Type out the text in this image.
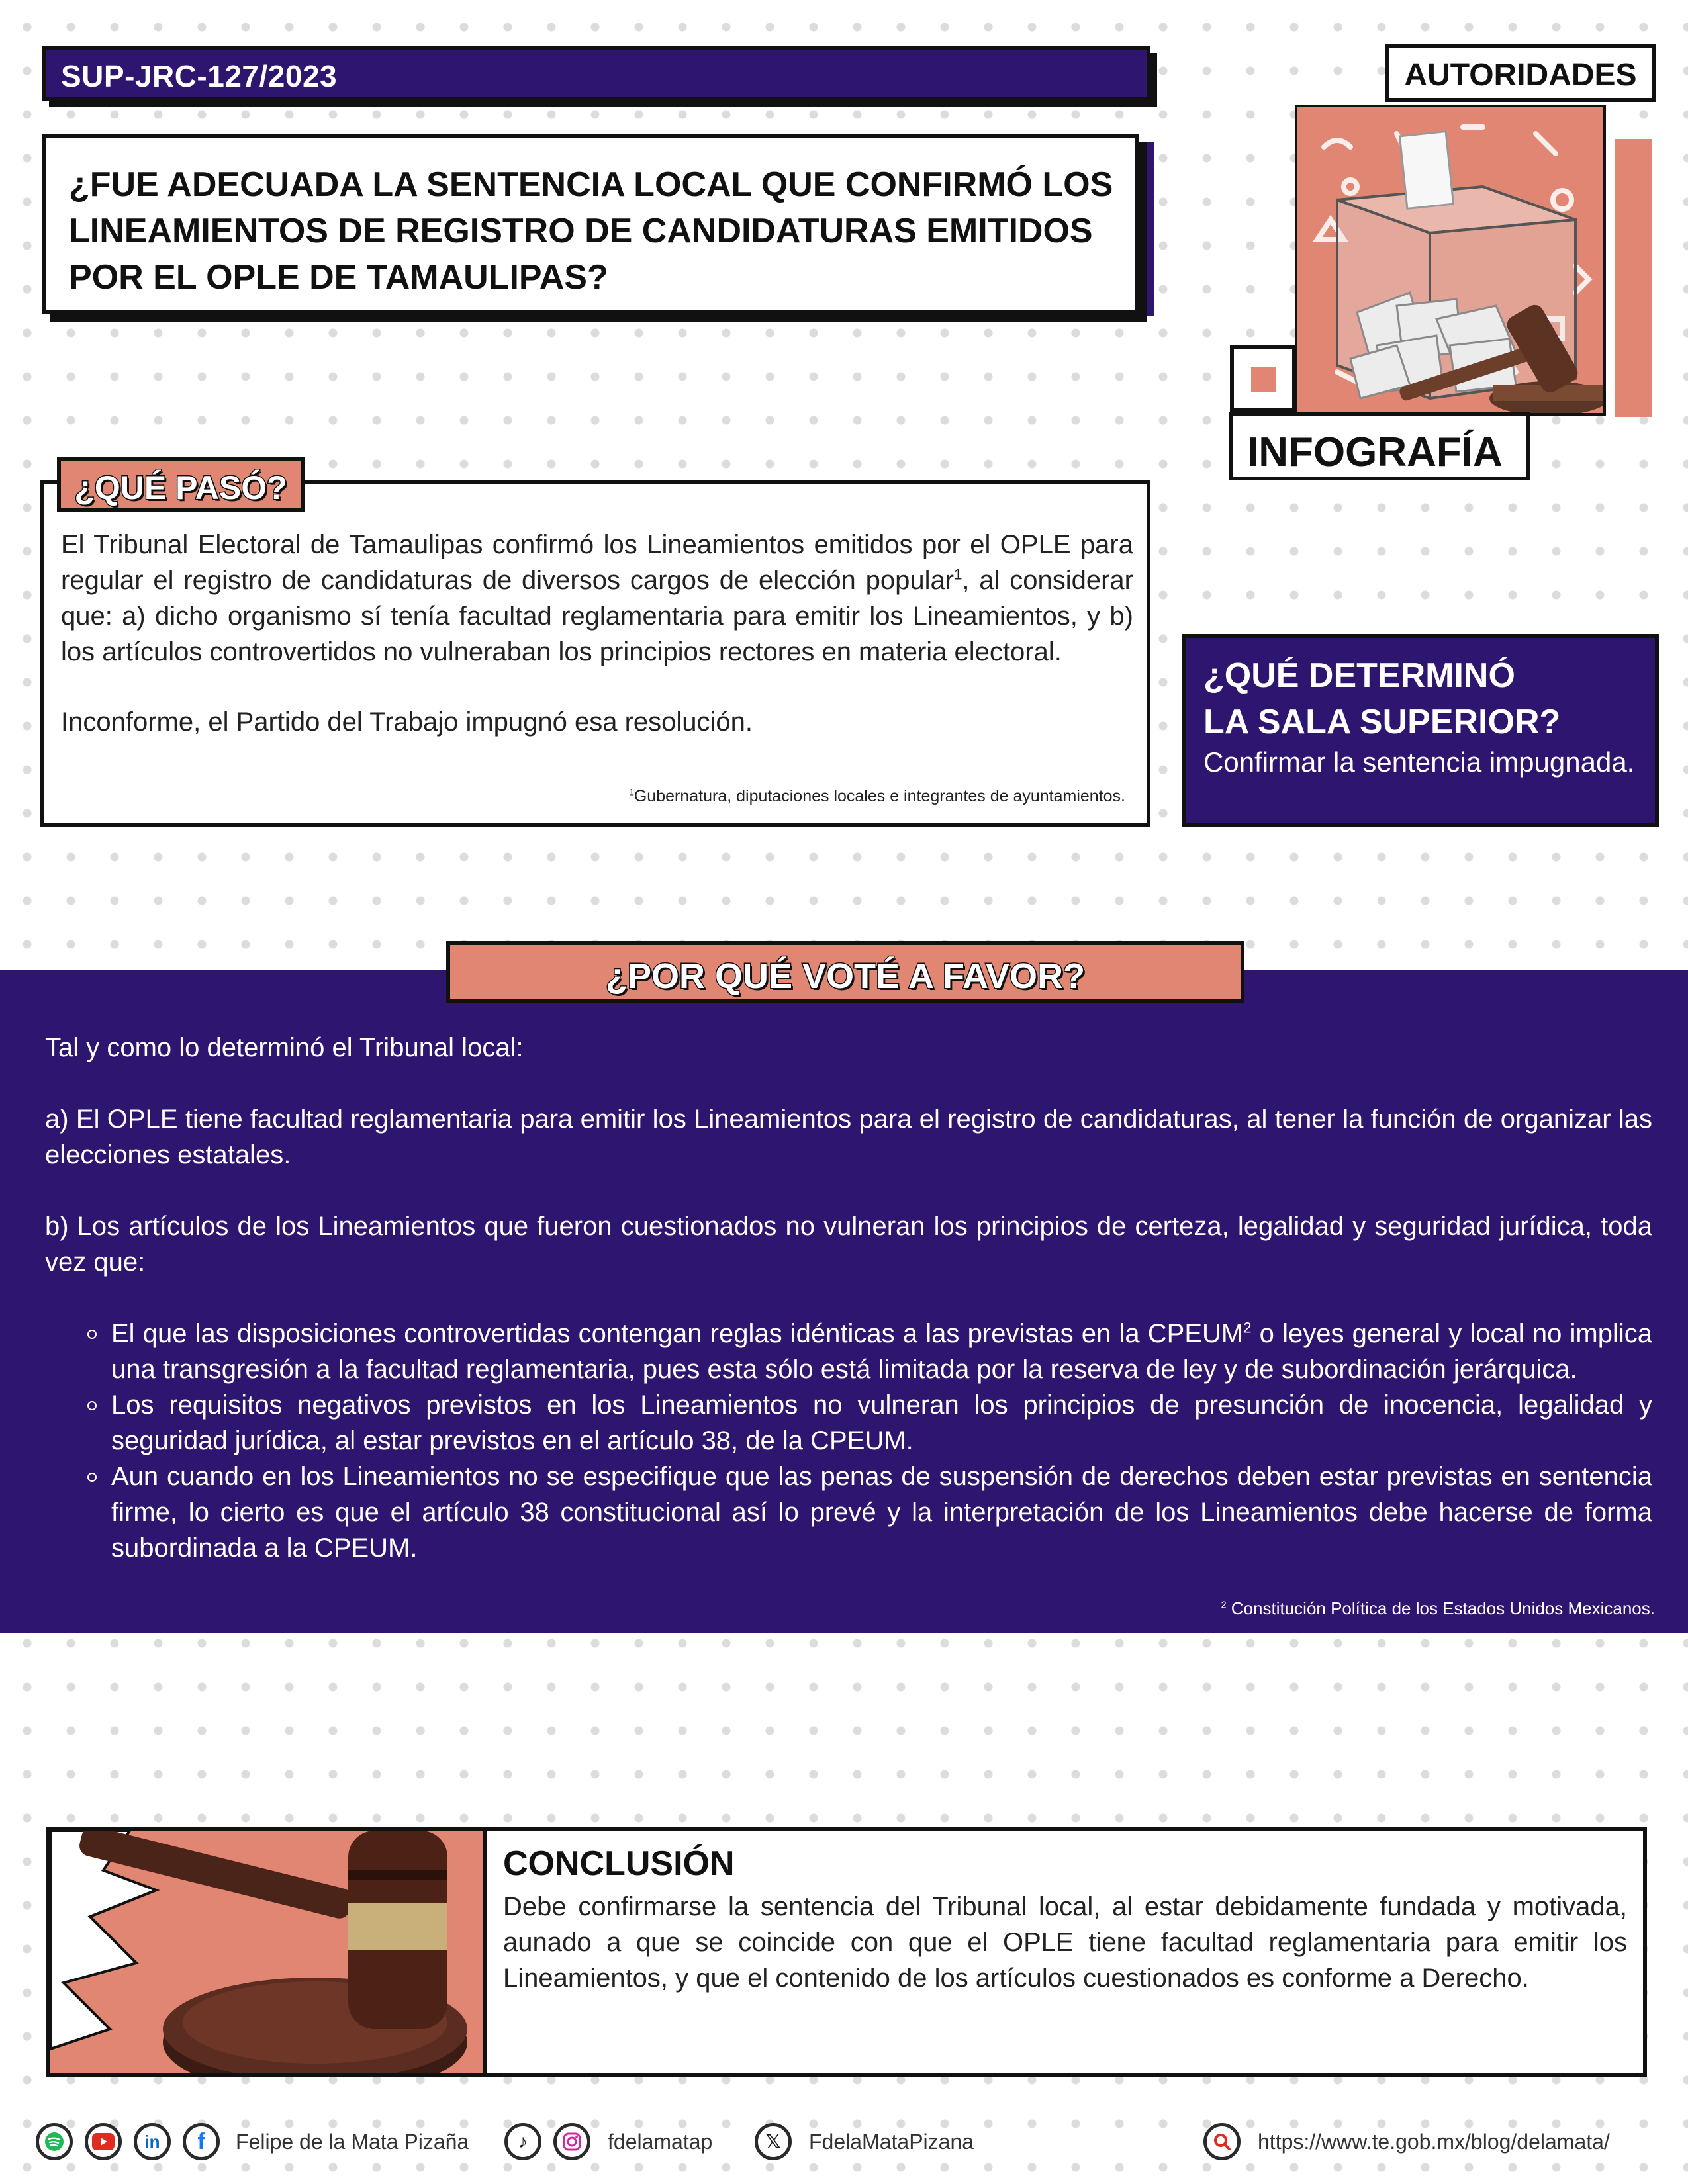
SUP-JRC-127/2023
¿FUE ADECUADA LA SENTENCIA LOCAL QUE CONFIRMÓ LOS LINEAMIENTOS DE REGISTRO DE CANDIDATURAS EMITIDOS POR EL OPLE DE TAMAULIPAS?
AUTORIDADES
INFOGRAFÍA

El Tribunal Electoral de Tamaulipas confirmó los Lineamientos emitidos por el OPLE para regular el registro de candidaturas de diversos cargos de elección popular$^1$, al considerar que: a) dicho organismo sí tenía facultad reglamentaria para emitir los Lineamientos, y b) los artículos controvertidos no vulneraban los principios rectores en materia electoral.

Inconforme, el Partido del Trabajo impugnó esa resolución.

$^1$Gubernatura, diputaciones locales e integrantes de ayuntamientos.
¿QUÉ PASÓ?
¿QUÉ DETERMINÓ
LA SALA SUPERIOR?
Confirmar la sentencia impugnada.

Tal y como lo determinó el Tribunal local:

a) El OPLE tiene facultad reglamentaria para emitir los Lineamientos para el registro de candidaturas, al tener la función de organizar las elecciones estatales.

b) Los artículos de los Lineamientos que fueron cuestionados no vulneran los principios de certeza, legalidad y seguridad jurídica, toda vez que:

El que las disposiciones controvertidas contengan reglas idénticas a las previstas en la CPEUM$^2$ o leyes general y local no implica una transgresión a la facultad reglamentaria, pues esta sólo está limitada por la reserva de ley y de subordinación jerárquica.
Los requisitos negativos previstos en los Lineamientos no vulneran los principios de presunción de inocencia, legalidad y seguridad jurídica, al estar previstos en el artículo 38, de la CPEUM.
Aun cuando en los Lineamientos no se especifique que las penas de suspensión de derechos deben estar previstas en sentencia firme, lo cierto es que el artículo 38 constitucional así lo prevé y la interpretación de los Lineamientos debe hacerse de forma subordinada a la CPEUM.
$^2$ Constitución Política de los Estados Unidos Mexicanos.
¿POR QUÉ VOTÉ A FAVOR?
CONCLUSIÓN
Debe confirmarse la sentencia del Tribunal local, al estar debidamente fundada y motivada, aunado a que se coincide con que el OPLE tiene facultad reglamentaria para emitir los Lineamientos, y que el contenido de los artículos cuestionados es conforme a Derecho.
in	f	Felipe de la Mata Pizaña	♪	fdelamatap	𝕏	FdelaMataPizana	https://www.te.gob.mx/blog/delamata/
